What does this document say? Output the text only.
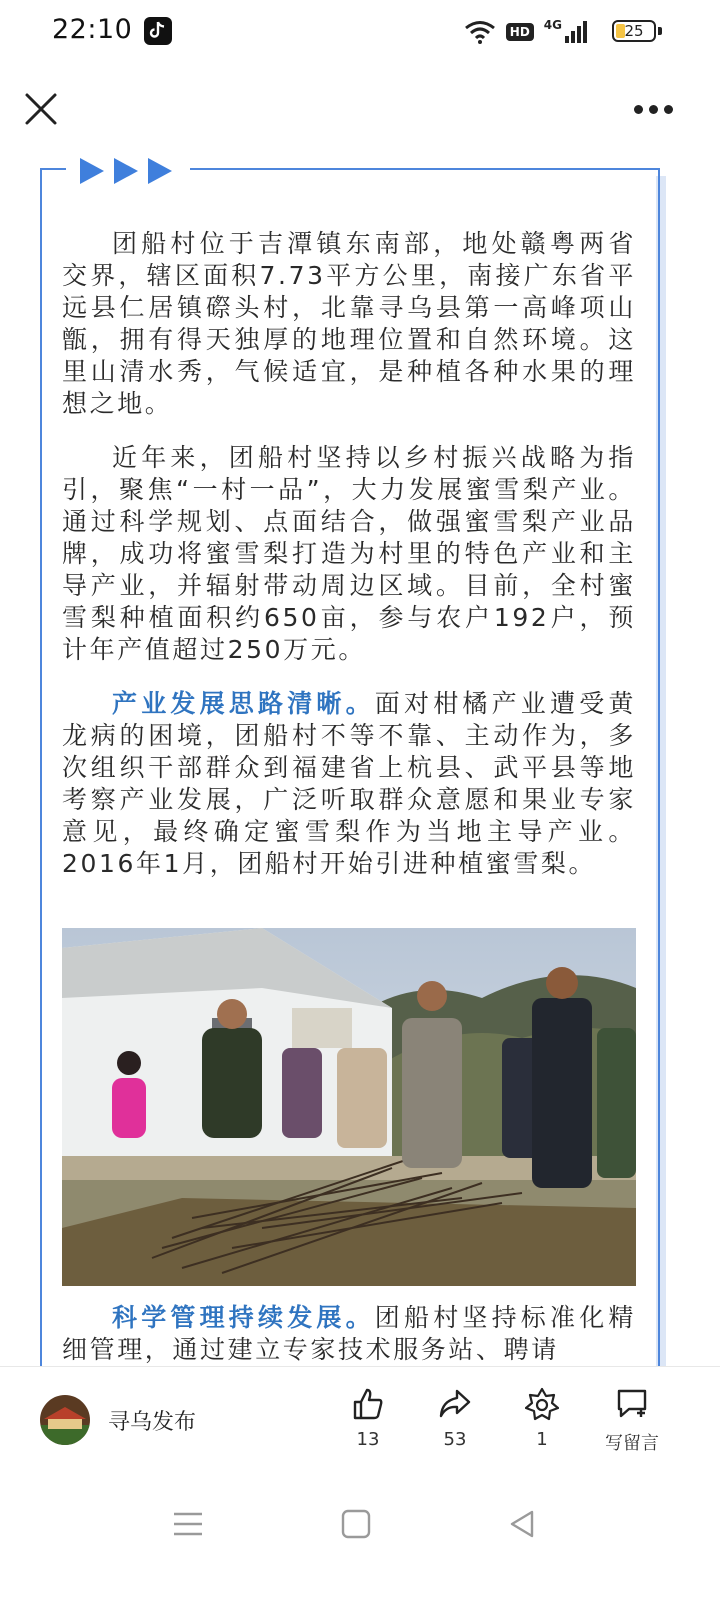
22:10	HD	4G	25

团船村位于吉潭镇东南部，地处赣粤两省交界，辖区面积7.73平方公里，南接广东省平远县仁居镇磜头村，北靠寻乌县第一高峰项山甑，拥有得天独厚的地理位置和自然环境。这里山清水秀，气候适宜，是种植各种水果的理想之地。

近年来，团船村坚持以乡村振兴战略为指引，聚焦“一村一品”，大力发展蜜雪梨产业。通过科学规划、点面结合，做强蜜雪梨产业品牌，成功将蜜雪梨打造为村里的特色产业和主导产业，并辐射带动周边区域。目前，全村蜜雪梨种植面积约650亩，参与农户192户，预计年产值超过250万元。

产业发展思路清晰。面对柑橘产业遭受黄龙病的困境，团船村不等不靠、主动作为，多次组织干部群众到福建省上杭县、武平县等地考察产业发展，广泛听取群众意愿和果业专家意见，最终确定蜜雪梨作为当地主导产业。2016年1月，团船村开始引进种植蜜雪梨。

科学管理持续发展。团船村坚持标准化精细管理，通过建立专家技术服务站、聘请

寻乌发布
13	53	1	写留言
